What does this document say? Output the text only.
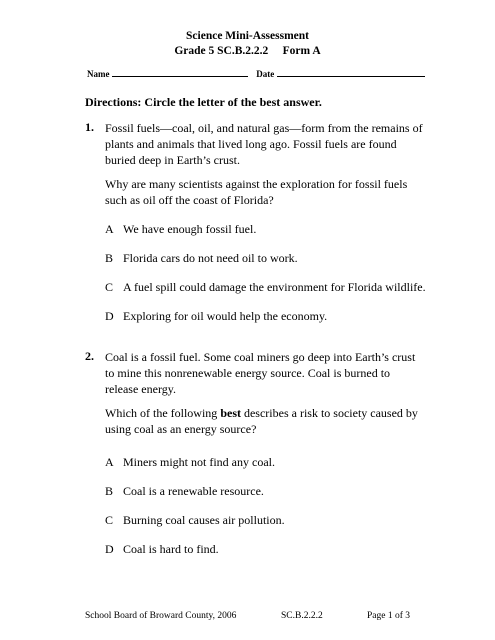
Science Mini-Assessment
Grade 5 SC.B.2.2.2     Form A
Name	Date
Directions: Circle the letter of the best answer.
1. Fossil fuels—coal, oil, and natural gas—form from the remains of plants and animals that lived long ago. Fossil fuels are found buried deep in Earth’s crust.

Why are many scientists against the exploration for fossil fuels such as oil off the coast of Florida?

A We have enough fossil fuel.
B Florida cars do not need oil to work.
C A fuel spill could damage the environment for Florida wildlife.
D Exploring for oil would help the economy.
2. Coal is a fossil fuel. Some coal miners go deep into Earth’s crust to mine this nonrenewable energy source. Coal is burned to release energy.

Which of the following best describes a risk to society caused by using coal as an energy source?

A Miners might not find any coal.
B Coal is a renewable resource.
C Burning coal causes air pollution.
D Coal is hard to find.
School Board of Broward County, 2006	SC.B.2.2.2	Page 1 of 3
